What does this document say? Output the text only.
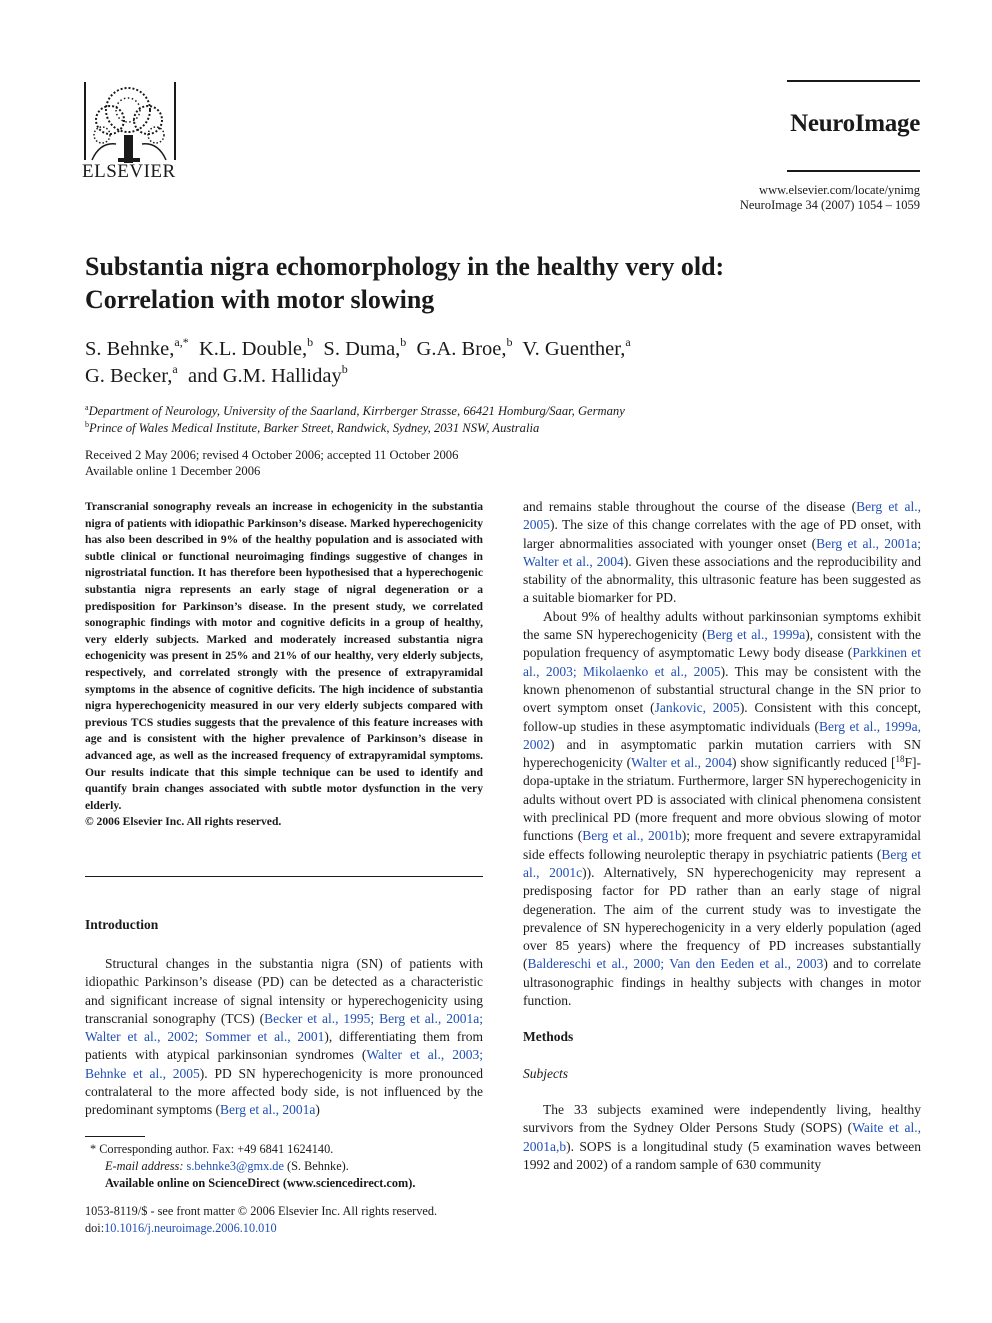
ELSEVIER
NeuroImage
www.elsevier.com/locate/ynimg
NeuroImage 34 (2007) 1054 – 1059
Substantia nigra echomorphology in the healthy very old:
Correlation with motor slowing
S. Behnke,$^{a,*}$ K.L. Double,$^b$ S. Duma,$^b$ G.A. Broe,$^b$ V. Guenther,$^a$
G. Becker,$^a$ and G.M. Halliday$^b$
$^a$Department of Neurology, University of the Saarland, Kirrberger Strasse, 66421 Homburg/Saar, Germany
$^b$Prince of Wales Medical Institute, Barker Street, Randwick, Sydney, 2031 NSW, Australia
Received 2 May 2006; revised 4 October 2006; accepted 11 October 2006
Available online 1 December 2006
Transcranial sonography reveals an increase in echogenicity in the substantia nigra of patients with idiopathic Parkinson’s disease. Marked hyperechogenicity has also been described in 9% of the healthy population and is associated with subtle clinical or functional neuroimaging findings suggestive of changes in nigrostriatal function. It has therefore been hypothesised that a hyperechogenic substantia nigra represents an early stage of nigral degeneration or a predisposition for Parkinson’s disease. In the present study, we correlated sonographic findings with motor and cognitive deficits in a group of healthy, very elderly subjects. Marked and moderately increased substantia nigra echogenicity was present in 25% and 21% of our healthy, very elderly subjects, respectively, and correlated strongly with the presence of extrapyramidal symptoms in the absence of cognitive deficits. The high incidence of substantia nigra hyperechogenicity measured in our very elderly subjects compared with previous TCS studies suggests that the prevalence of this feature increases with age and is consistent with the higher prevalence of Parkinson’s disease in advanced age, as well as the increased frequency of extrapyramidal symptoms. Our results indicate that this simple technique can be used to identify and quantify brain changes associated with subtle motor dysfunction in the very elderly.
© 2006 Elsevier Inc. All rights reserved.
Introduction

Structural changes in the substantia nigra (SN) of patients with idiopathic Parkinson’s disease (PD) can be detected as a characteristic and significant increase of signal intensity or hyperechogenicity using transcranial sonography (TCS) (Becker et al., 1995; Berg et al., 2001a; Walter et al., 2002; Sommer et al., 2001), differentiating them from patients with atypical parkinsonian syndromes (Walter et al., 2003; Behnke et al., 2005). PD SN hyperechogenicity is more pronounced contralateral to the more affected body side, is not influenced by the predominant symptoms (Berg et al., 2001a)

* Corresponding author. Fax: +49 6841 1624140.
E-mail address: s.behnke3@gmx.de (S. Behnke).
Available online on ScienceDirect (www.sciencedirect.com).
1053-8119/$ - see front matter © 2006 Elsevier Inc. All rights reserved.
doi:10.1016/j.neuroimage.2006.10.010

and remains stable throughout the course of the disease (Berg et al., 2005). The size of this change correlates with the age of PD onset, with larger abnormalities associated with younger onset (Berg et al., 2001a; Walter et al., 2004). Given these associations and the reproducibility and stability of the abnormality, this ultrasonic feature has been suggested as a suitable biomarker for PD.

About 9% of healthy adults without parkinsonian symptoms exhibit the same SN hyperechogenicity (Berg et al., 1999a), consistent with the population frequency of asymptomatic Lewy body disease (Parkkinen et al., 2003; Mikolaenko et al., 2005). This may be consistent with the known phenomenon of substantial structural change in the SN prior to overt symptom onset (Jankovic, 2005). Consistent with this concept, follow-up studies in these asymptomatic individuals (Berg et al., 1999a, 2002) and in asymptomatic parkin mutation carriers with SN hyperechogenicity (Walter et al., 2004) show significantly reduced [$^{18}$F]-dopa-uptake in the striatum. Furthermore, larger SN hyperechogenicity in adults without overt PD is associated with clinical phenomena consistent with preclinical PD (more frequent and more obvious slowing of motor functions (Berg et al., 2001b); more frequent and severe extrapyramidal side effects following neuroleptic therapy in psychiatric patients (Berg et al., 2001c)). Alternatively, SN hyperechogenicity may represent a predisposing factor for PD rather than an early stage of nigral degeneration. The aim of the current study was to investigate the prevalence of SN hyperechogenicity in a very elderly population (aged over 85 years) where the frequency of PD increases substantially (Baldereschi et al., 2000; Van den Eeden et al., 2003) and to correlate ultrasonographic findings in healthy subjects with changes in motor function.

Methods

Subjects

The 33 subjects examined were independently living, healthy survivors from the Sydney Older Persons Study (SOPS) (Waite et al., 2001a,b). SOPS is a longitudinal study (5 examination waves between 1992 and 2002) of a random sample of 630 community
